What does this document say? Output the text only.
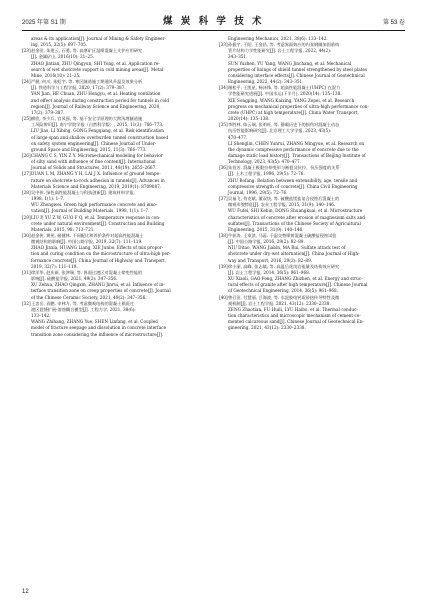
2025 年第 S1 期	煤 炭 科 学 技 术	第 53 卷
areas & its application[J]. Journal of Mining & Safety Engineer-
ing, 2015, 32(5): 697–705.
[23] 赵金田, 朱建云, 石勇, 等. 高寒矿区湿喷混凝土支护应用研究
[J]. 金属矿山, 2016(10): 21–25.
ZHAO Jintian, ZHU Qingyun, SHI Yong, et al. Application re-
search of wet shotcrete support in cold mining areas[J]. Metal
Mine, 2016(10): 21–25.
[24] 严健, 何川, 朱虹宇, 等. 寒区隧道施工期通风升温及效果分析
[J]. 铁道科学与工程学报, 2020, 17(2): 379–387.
YAN Jian, HE Chuan, ZHU Hongyu, et al. Heating ventilation
and effect analysis during construction period for tunnels in cold
region[J]. Journal of Railway Science and Engineering, 2020,
17(2): 379–387.
[25] 柳欣, 李少兵, 宫凤强, 等. 基于安全学原理的大跨浅埋隧道施
工风险辨识[J]. 南宁学院学报（自然科学版）, 2015, 11(3): 766–773.
LIU Jiao, LI Xibing, GONG Fengqiang, et al. Risk identification
of large-span and shallow overburden tunnel construction based
on safety system engineering[J]. Chinese Journal of Under-
ground Space and Engineering, 2015, 11(3): 766–773.
[26] CHANG C S, YIN Z Y. Micromechanical modeling for behavior
of silty sand with influence of fine content[J]. International
Journal of Solids and Structures, 2011, 48(19): 2655–2667.
[27] DUAN L M, ZHANG Y H, LAI J X. Influence of ground tempe-
rature on shotcrete-to-rock adhesion in tunnels[J]. Advances in
Materials Science and Engineering, 2019, 2019(1): 8709087.
[28] 吴中伟. 绿色高性能混凝土与科技创新[J]. 建筑材料学报,
1998, 1(1): 1–7.
WU Zhongwei. Green high performance concrete and inno-
vation[J]. Journal of Building Materials, 1998, 1(1): 1–7.
[29] LIU P, YU Z W, GUO F Q, et al. Temperature response in con-
crete under natural environment[J]. Construction and Building
Materials, 2015, 98: 713–721.
[30] 赵金侠, 黄苑, 储健林. 不同配比和养护条件对超高性能混凝土
微观结构的影响[J]. 中国公路学报, 2019, 32(7): 111–119.
ZHAO Jinxia, HUANG Liang, XIE Junbo. Effects of mix propor-
tion and curing condition on the microstructure of ultra-high per-
formance concrete[J]. China Journal of Highway and Transport,
2019, 32(7): 111–119.
[31] 徐洋华, 赵庆新, 张津瑞, 等. 界面过渡区对混凝土徐变性能的
影响[J]. 硅酸盐学报, 2021, 49(2): 347–356.
XU Zehua, ZHAO Qingxin, ZHANG Jinrui, et al. Influence of in-
terface transition zone on creep properties of concrete[J]. Journal
of the Chinese Ceramic Society, 2021, 49(2): 347–356.
[32] 王忠岳, 袁鹏, 申林方, 等. 考虑微观结构的混凝土界面过
渡区裂缝扩展-溶蚀耦合模型[J]. 工程力学, 2021, 38(6):
133–142.
WANG Zhihang, ZHANG Yue, SHEN Linfang, et al. Coupled
model of fracture seepage and dissolution in concrete interface
transition zone considering the influence of microstructure[J].
Engineering Mechanics, 2021, 38(6): 133–142.
[33] 孙振宇, 于阳, 王金昌, 等. 考虑界面效应的内张钢圈加固盾构
管片结构力学性能研究[J]. 岩土工程学报, 2022, 44(2):
343–351.
SUN Yuzhen, YU Yang, WANG Jinchang, et al. Mechanical
properties of linings of shield tunnel strengthened by steel plates
considering interface effects[J]. Chinese Journal of Geotechnical
Engineering, 2022, 44(2): 343–351.
[34] 谢松平, 王凯星, 杨泽锋, 等. 超高性能混凝土(UHPC) 在混力
学性能研究进展[J]. 中国水运(下半月), 2020(14): 135–138.
XIE Songping, WANG Kaixing, YANG Zepei, et al. Research
progress on mechanical properties of ultra-high performance con-
crete (UHPC) at high temperature[J]. China Water Transport,
2020(14): 135–138.
[35] 李胜林, 陈云瑞, 张明旺, 等. 静载历史下的损伤对混凝土动态
抗压性能影响研究[J]. 北京理工大学学报, 2023, 43(5):
470–477.
LI Shenglin, CHEN Yunrui, ZHANG Mingyue, et al. Research on
the dynamic compressive performance of concrete due to the
damage static load history[J]. Transactions of Beijing Institute of
Technology, 2023, 43(5): 470–477.
[36] 朱伯芳. 混凝土极限拉伸变形与断裂及抗拉、抗压强度的关系
[J]. 土木工程学报, 1996, 29(5): 72–76.
ZHU Bofang. Relation between extensibility, age, tensile and
compressive strength of concrete[J]. China Civil Engineering
Journal, 1996, 29(5): 72–76.
[37] 吴福飞, 侍克斌, 董双快, 等. 硫酸盐镁盐复合侵蚀后混凝土的
微观形貌特征[J]. 农业工程学报, 2015, 31(9): 140–146.
WU Fufei, SHI Kebin, DONG Shuangkuai, et al. Microstructure
characteristics of concrete after erosion of magnesium salts and
sulfates[J]. Transactions of the Chinese Society of Agricultural
Engineering, 2015, 31(9): 140–146.
[38] 牛荻涛, 王家滨, 马蕊. 干湿交替喷射混凝土硫酸盐侵蚀试验
[J]. 中国公路学报, 2016, 29(2): 82–89.
NIU Ditao, WANG Jiabin, MA Rui. Sulfate attack test of
shotcrete under dry-wet alternation[J]. China Journal of High-
way and Transport, 2016, 29(2): 82–89.
[39] 徐小丽, 高峰, 张志镇, 等. 高温后花岗岩能量及结构效应研究
[J]. 岩土工程学报, 2014, 36(5): 961–968.
XU Xiaoli, GAO Feng, ZHANG Zhizhen, et al. Energy and struc-
tural effects of granite after high temperature[J]. Chinese Journal
of Geotechnical Engineering, 2014, 36(5): 961–968.
[40] 曾召田, 付慧丽, 吕海波, 等. 水泥胶结钙质砂热传导特性及微
观机制[J]. 岩土工程学报, 2021, 43(12): 2330–2338.
ZENG Zhaotian, FU Huili, LYU Haibo, et al. Thermal conduc-
tion characteristics and microscopic mechanism of cement-ce-
mented calcareous sand[J]. Chinese Journal of Geotechnical En-
gineering, 2021, 43(12): 2330–2338.
12
